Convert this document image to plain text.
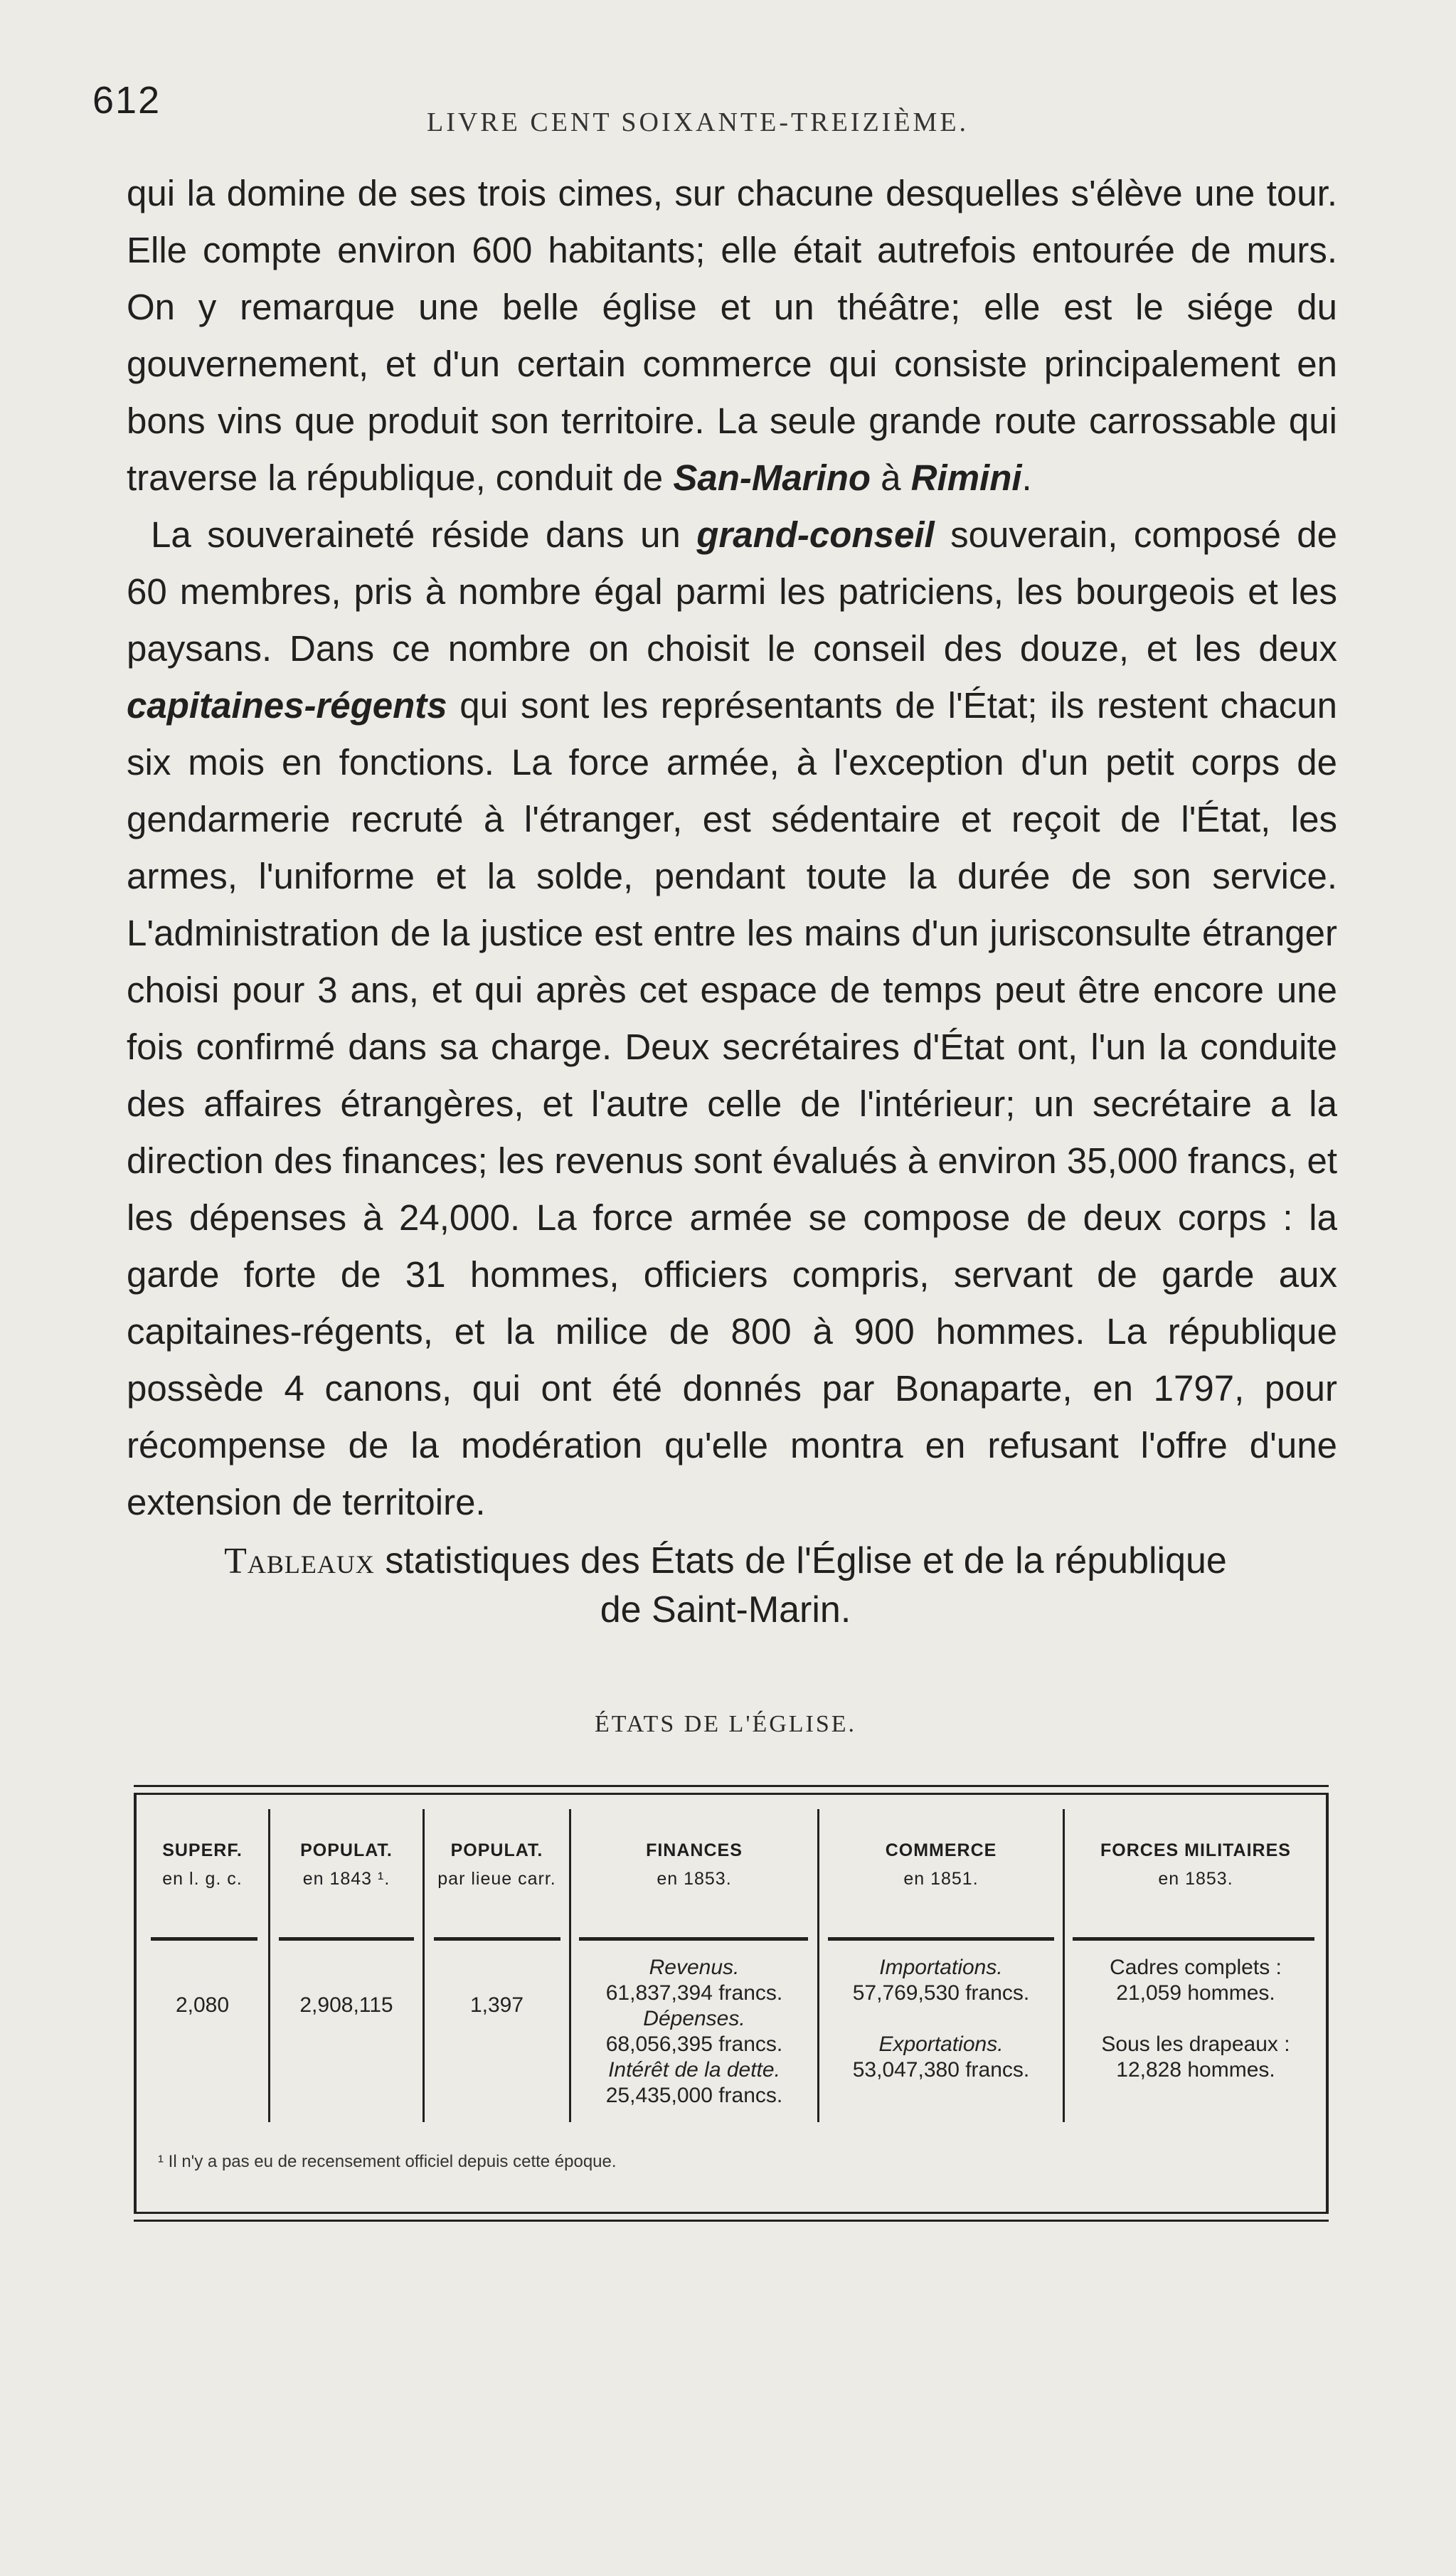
612
LIVRE CENT SOIXANTE-TREIZIÈME.

qui la domine de ses trois cimes, sur chacune desquelles s'élève une tour. Elle compte environ 600 habitants; elle était autrefois entourée de murs. On y remarque une belle église et un théâtre; elle est le siége du gouvernement, et d'un certain commerce qui consiste principalement en bons vins que produit son territoire. La seule grande route carrossable qui traverse la république, conduit de San-Marino à Rimini.

La souveraineté réside dans un grand-conseil souverain, composé de 60 membres, pris à nombre égal parmi les patriciens, les bourgeois et les paysans. Dans ce nombre on choisit le conseil des douze, et les deux capitaines-régents qui sont les représentants de l'État; ils restent chacun six mois en fonctions. La force armée, à l'exception d'un petit corps de gendarmerie recruté à l'étranger, est sédentaire et reçoit de l'État, les armes, l'uniforme et la solde, pendant toute la durée de son service. L'administration de la justice est entre les mains d'un jurisconsulte étranger choisi pour 3 ans, et qui après cet espace de temps peut être encore une fois confirmé dans sa charge. Deux secrétaires d'État ont, l'un la conduite des affaires étrangères, et l'autre celle de l'intérieur; un secrétaire a la direction des finances; les revenus sont évalués à environ 35,000 francs, et les dépenses à 24,000. La force armée se compose de deux corps : la garde forte de 31 hommes, officiers compris, servant de garde aux capitaines-régents, et la milice de 800 à 900 hommes. La république possède 4 canons, qui ont été donnés par Bonaparte, en 1797, pour récompense de la modération qu'elle montra en refusant l'offre d'une extension de territoire.

Tableaux statistiques des États de l'Église et de la république
de Saint-Marin.
ÉTATS DE L'ÉGLISE.
SUPERF.
en l. g. c.
2,080
POPULAT.
en 1843 ¹.
2,908,115
POPULAT.
par lieue carr.
1,397
FINANCES
en 1853.
Revenus.
61,837,394 francs.
Dépenses.
68,056,395 francs.
Intérêt de la dette.
25,435,000 francs.
COMMERCE
en 1851.
Importations.
57,769,530 francs.
Exportations.
53,047,380 francs.
FORCES MILITAIRES
en 1853.
Cadres complets :
21,059 hommes.
Sous les drapeaux :
12,828 hommes.
¹ Il n'y a pas eu de recensement officiel depuis cette époque.
